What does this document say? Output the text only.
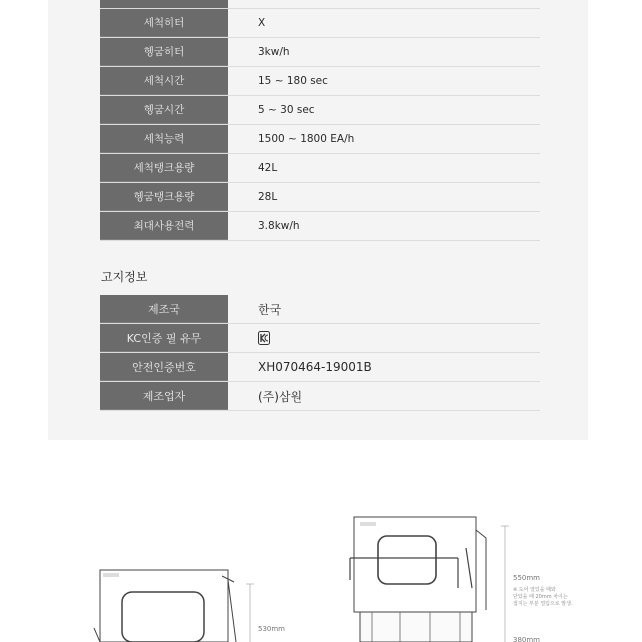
세척히터	X
헹굼히터	3kw/h
세척시간	15 ~ 180 sec
헹굼시간	5 ~ 30 sec
세척능력	1500 ~ 1800 EA/h
세척탱크용량	42L
헹굼탱크용량	28L
최대사용전력	3.8kw/h
고지정보
제조국	한국
KC인증 필 유무
안전인증번호	XH070464-19001B
제조업자	(주)삼원
530mm
550mm
※ 도어 열었을 때와
닫았을 때 20mm 차이는
접지는 부분 열림으로 발생.
380mm
